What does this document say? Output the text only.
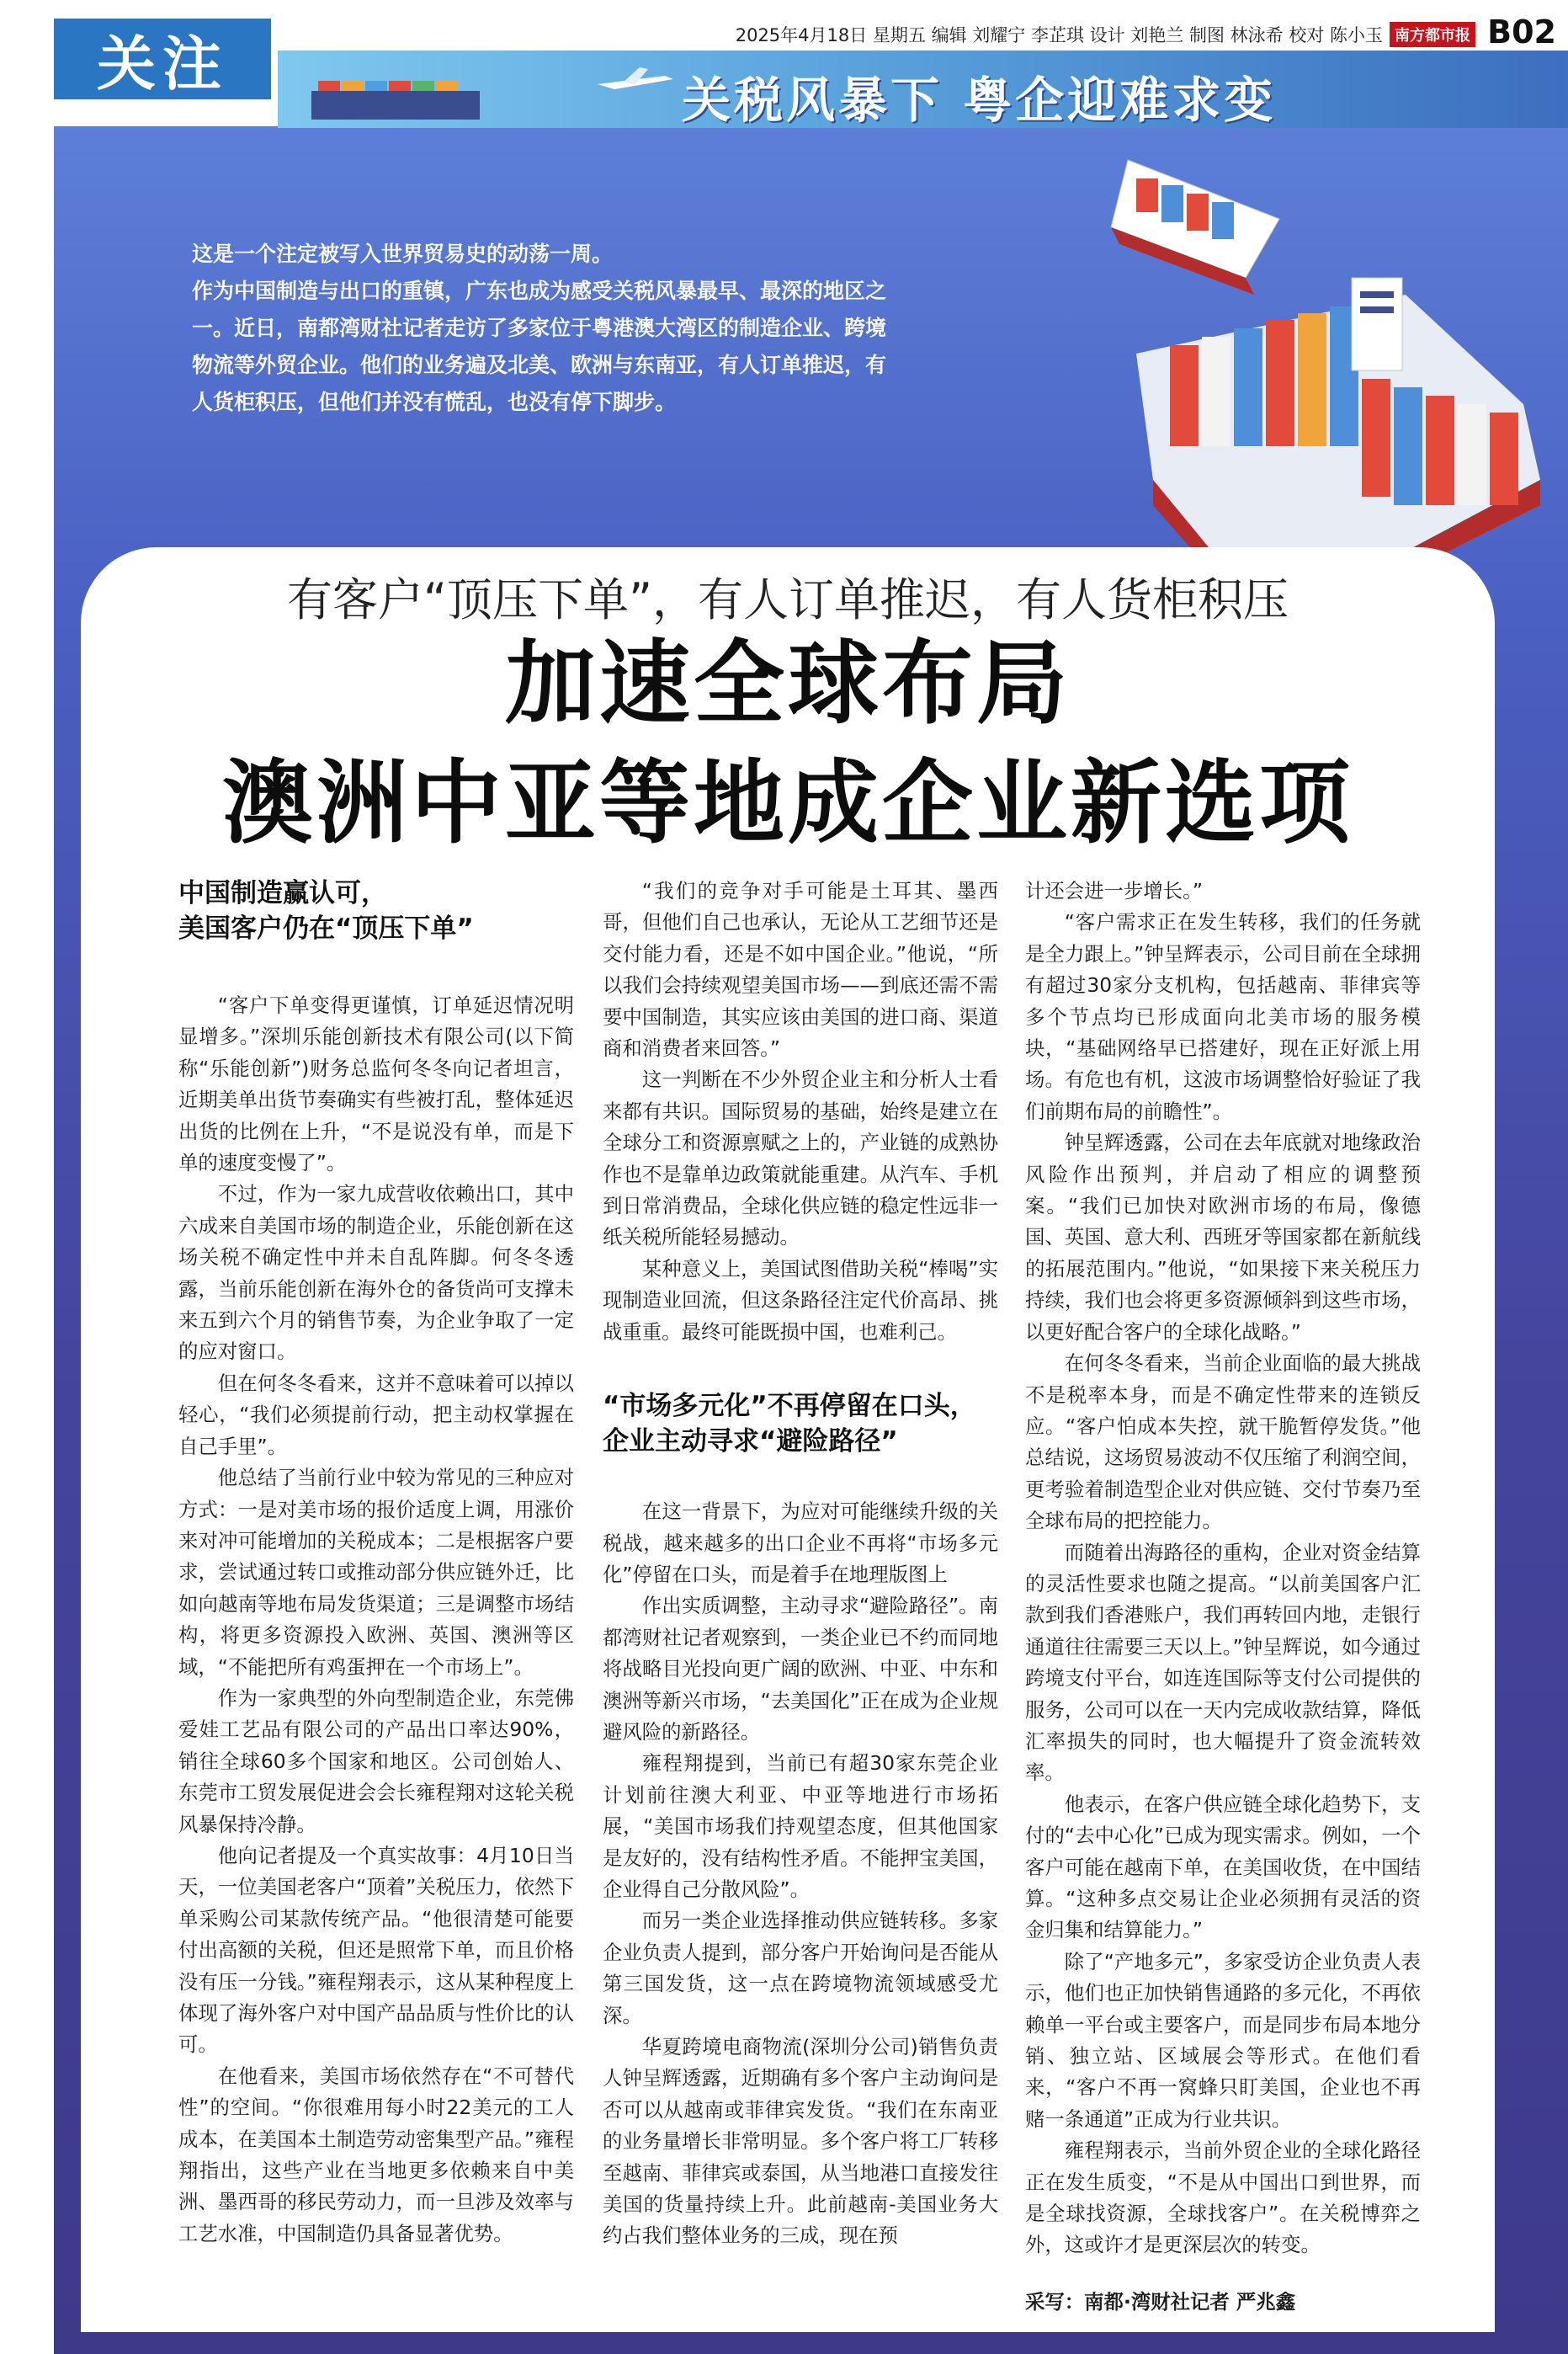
关注	2025年4月18日 星期五 编辑 刘耀宁 李芷琪 设计 刘艳兰 制图 林泳希 校对 陈小玉 南方都市报 B02
关税风暴下 粤企迎难求变

这是一个注定被写入世界贸易史的动荡一周。

作为中国制造与出口的重镇，广东也成为感受关税风暴最早、最深的地区之一。近日，南都湾财社记者走访了多家位于粤港澳大湾区的制造企业、跨境物流等外贸企业。他们的业务遍及北美、欧洲与东南亚，有人订单推迟，有人货柜积压，但他们并没有慌乱，也没有停下脚步。

有客户“顶压下单”，有人订单推迟，有人货柜积压
加速全球布局
澳洲中亚等地成企业新选项
中国制造赢认可，
美国客户仍在“顶压下单”

“客户下单变得更谨慎，订单延迟情况明显增多。”深圳乐能创新技术有限公司(以下简称“乐能创新”)财务总监何冬冬向记者坦言，近期美单出货节奏确实有些被打乱，整体延迟出货的比例在上升，“不是说没有单，而是下单的速度变慢了”。

不过，作为一家九成营收依赖出口，其中六成来自美国市场的制造企业，乐能创新在这场关税不确定性中并未自乱阵脚。何冬冬透露，当前乐能创新在海外仓的备货尚可支撑未来五到六个月的销售节奏，为企业争取了一定的应对窗口。

但在何冬冬看来，这并不意味着可以掉以轻心，“我们必须提前行动，把主动权掌握在自己手里”。

他总结了当前行业中较为常见的三种应对方式：一是对美市场的报价适度上调，用涨价来对冲可能增加的关税成本；二是根据客户要求，尝试通过转口或推动部分供应链外迁，比如向越南等地布局发货渠道；三是调整市场结构，将更多资源投入欧洲、英国、澳洲等区域，“不能把所有鸡蛋押在一个市场上”。

作为一家典型的外向型制造企业，东莞佛爱娃工艺品有限公司的产品出口率达90%，销往全球60多个国家和地区。公司创始人、东莞市工贸发展促进会会长雍程翔对这轮关税风暴保持冷静。

他向记者提及一个真实故事：4月10日当天，一位美国老客户“顶着”关税压力，依然下单采购公司某款传统产品。“他很清楚可能要付出高额的关税，但还是照常下单，而且价格没有压一分钱。”雍程翔表示，这从某种程度上体现了海外客户对中国产品品质与性价比的认可。

在他看来，美国市场依然存在“不可替代性”的空间。“你很难用每小时22美元的工人成本，在美国本土制造劳动密集型产品。”雍程翔指出，这些产业在当地更多依赖来自中美洲、墨西哥的移民劳动力，而一旦涉及效率与工艺水准，中国制造仍具备显著优势。

“我们的竞争对手可能是土耳其、墨西哥，但他们自己也承认，无论从工艺细节还是交付能力看，还是不如中国企业。”他说，“所以我们会持续观望美国市场——到底还需不需要中国制造，其实应该由美国的进口商、渠道商和消费者来回答。”

这一判断在不少外贸企业主和分析人士看来都有共识。国际贸易的基础，始终是建立在全球分工和资源禀赋之上的，产业链的成熟协作也不是靠单边政策就能重建。从汽车、手机到日常消费品，全球化供应链的稳定性远非一纸关税所能轻易撼动。

某种意义上，美国试图借助关税“棒喝”实现制造业回流，但这条路径注定代价高昂、挑战重重。最终可能既损中国，也难利己。

“市场多元化”不再停留在口头，
企业主动寻求“避险路径”

在这一背景下，为应对可能继续升级的关税战，越来越多的出口企业不再将“市场多元化”停留在口头，而是着手在地理版图上

作出实质调整，主动寻求“避险路径”。南都湾财社记者观察到，一类企业已不约而同地将战略目光投向更广阔的欧洲、中亚、中东和澳洲等新兴市场，“去美国化”正在成为企业规避风险的新路径。

雍程翔提到，当前已有超30家东莞企业计划前往澳大利亚、中亚等地进行市场拓展，“美国市场我们持观望态度，但其他国家是友好的，没有结构性矛盾。不能押宝美国，企业得自己分散风险”。

而另一类企业选择推动供应链转移。多家企业负责人提到，部分客户开始询问是否能从第三国发货，这一点在跨境物流领域感受尤深。

华夏跨境电商物流(深圳分公司)销售负责人钟呈辉透露，近期确有多个客户主动询问是否可以从越南或菲律宾发货。“我们在东南亚的业务量增长非常明显。多个客户将工厂转移至越南、菲律宾或泰国，从当地港口直接发往美国的货量持续上升。此前越南-美国业务大约占我们整体业务的三成，现在预

计还会进一步增长。”

“客户需求正在发生转移，我们的任务就是全力跟上。”钟呈辉表示，公司目前在全球拥有超过30家分支机构，包括越南、菲律宾等多个节点均已形成面向北美市场的服务模块，“基础网络早已搭建好，现在正好派上用场。有危也有机，这波市场调整恰好验证了我们前期布局的前瞻性”。

钟呈辉透露，公司在去年底就对地缘政治风险作出预判，并启动了相应的调整预案。“我们已加快对欧洲市场的布局，像德国、英国、意大利、西班牙等国家都在新航线的拓展范围内。”他说，“如果接下来关税压力持续，我们也会将更多资源倾斜到这些市场，以更好配合客户的全球化战略。”

在何冬冬看来，当前企业面临的最大挑战不是税率本身，而是不确定性带来的连锁反应。“客户怕成本失控，就干脆暂停发货。”他总结说，这场贸易波动不仅压缩了利润空间，更考验着制造型企业对供应链、交付节奏乃至全球布局的把控能力。

而随着出海路径的重构，企业对资金结算的灵活性要求也随之提高。“以前美国客户汇款到我们香港账户，我们再转回内地，走银行通道往往需要三天以上。”钟呈辉说，如今通过跨境支付平台，如连连国际等支付公司提供的服务，公司可以在一天内完成收款结算，降低汇率损失的同时，也大幅提升了资金流转效率。

他表示，在客户供应链全球化趋势下，支付的“去中心化”已成为现实需求。例如，一个客户可能在越南下单，在美国收货，在中国结算。“这种多点交易让企业必须拥有灵活的资金归集和结算能力。”

除了“产地多元”，多家受访企业负责人表示，他们也正加快销售通路的多元化，不再依赖单一平台或主要客户，而是同步布局本地分销、独立站、区域展会等形式。在他们看来，“客户不再一窝蜂只盯美国，企业也不再赌一条通道”正成为行业共识。

雍程翔表示，当前外贸企业的全球化路径正在发生质变，“不是从中国出口到世界，而是全球找资源，全球找客户”。在关税博弈之外，这或许才是更深层次的转变。

采写：南都·湾财社记者 严兆鑫
